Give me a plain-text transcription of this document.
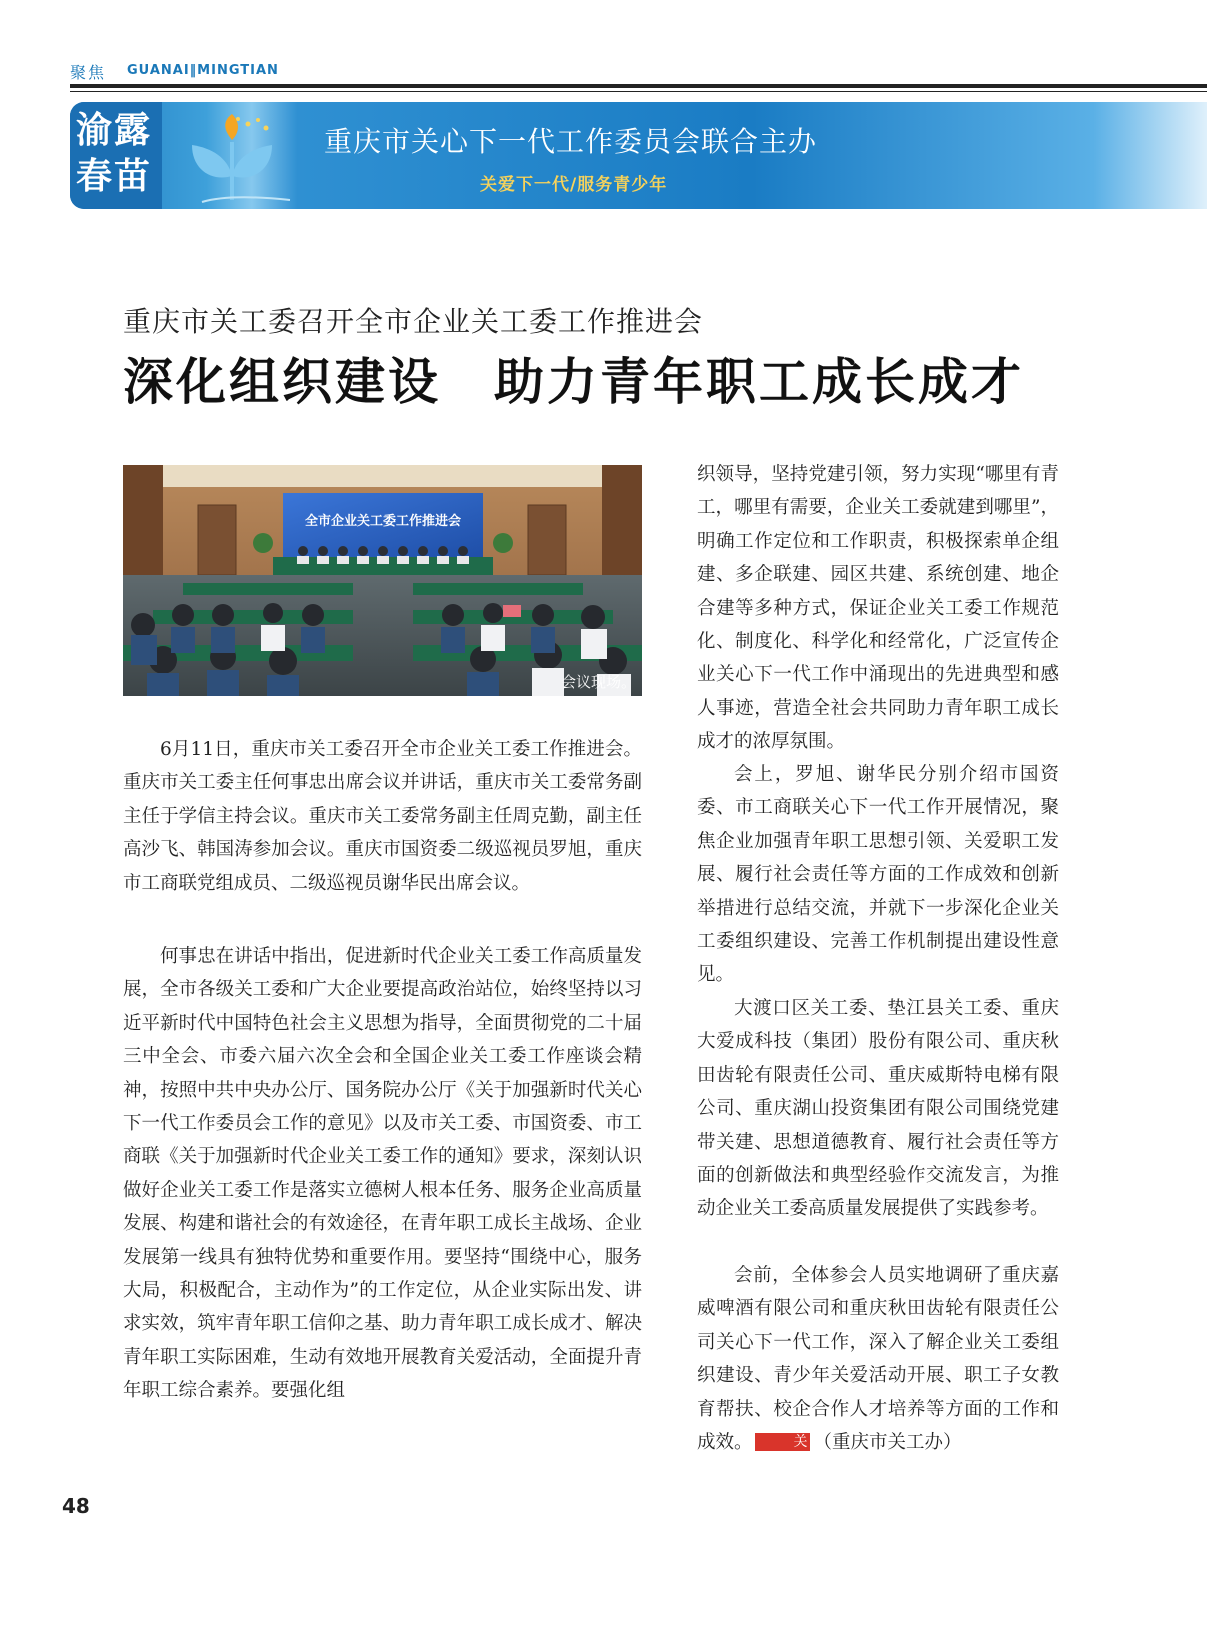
聚焦 GUANAI‖MINGTIAN
渝露春苗
重庆市关心下一代工作委员会联合主办
关爱下一代/服务青少年
重庆市关工委召开全市企业关工委工作推进会
深化组织建设　助力青年职工成长成才
全市企业关工委工作推进会
会议现场。

6月11日，重庆市关工委召开全市企业关工委工作推进会。重庆市关工委主任何事忠出席会议并讲话，重庆市关工委常务副主任于学信主持会议。重庆市关工委常务副主任周克勤，副主任高沙飞、韩国涛参加会议。重庆市国资委二级巡视员罗旭，重庆市工商联党组成员、二级巡视员谢华民出席会议。

何事忠在讲话中指出，促进新时代企业关工委工作高质量发展，全市各级关工委和广大企业要提高政治站位，始终坚持以习近平新时代中国特色社会主义思想为指导，全面贯彻党的二十届三中全会、市委六届六次全会和全国企业关工委工作座谈会精神，按照中共中央办公厅、国务院办公厅《关于加强新时代关心下一代工作委员会工作的意见》以及市关工委、市国资委、市工商联《关于加强新时代企业关工委工作的通知》要求，深刻认识做好企业关工委工作是落实立德树人根本任务、服务企业高质量发展、构建和谐社会的有效途径，在青年职工成长主战场、企业发展第一线具有独特优势和重要作用。要坚持“围绕中心，服务大局，积极配合，主动作为”的工作定位，从企业实际出发、讲求实效，筑牢青年职工信仰之基、助力青年职工成长成才、解决青年职工实际困难，生动有效地开展教育关爱活动，全面提升青年职工综合素养。要强化组

织领导，坚持党建引领，努力实现“哪里有青工，哪里有需要，企业关工委就建到哪里”，明确工作定位和工作职责，积极探索单企组建、多企联建、园区共建、系统创建、地企合建等多种方式，保证企业关工委工作规范化、制度化、科学化和经常化，广泛宣传企业关心下一代工作中涌现出的先进典型和感人事迹，营造全社会共同助力青年职工成长成才的浓厚氛围。

会上，罗旭、谢华民分别介绍市国资委、市工商联关心下一代工作开展情况，聚焦企业加强青年职工思想引领、关爱职工发展、履行社会责任等方面的工作成效和创新举措进行总结交流，并就下一步深化企业关工委组织建设、完善工作机制提出建设性意见。

大渡口区关工委、垫江县关工委、重庆大爱成科技（集团）股份有限公司、重庆秋田齿轮有限责任公司、重庆威斯特电梯有限公司、重庆湖山投资集团有限公司围绕党建带关建、思想道德教育、履行社会责任等方面的创新做法和典型经验作交流发言，为推动企业关工委高质量发展提供了实践参考。

会前，全体参会人员实地调研了重庆嘉威啤酒有限公司和重庆秋田齿轮有限责任公司关心下一代工作，深入了解企业关工委组织建设、青少年关爱活动开展、职工子女教育帮扶、校企合作人才培养等方面的工作和成效。	关 （重庆市关工办）

48
